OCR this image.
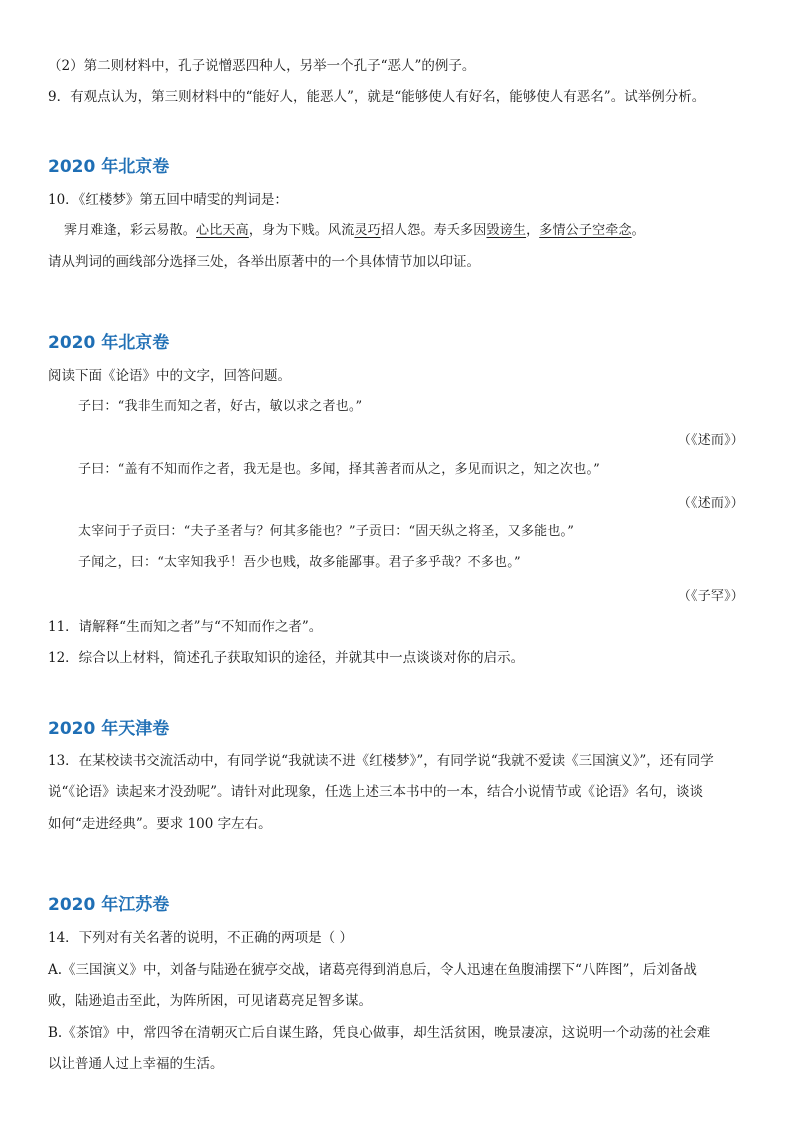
（2）第二则材料中，孔子说憎恶四种人，另举一个孔子“恶人”的例子。
9．有观点认为，第三则材料中的“能好人，能恶人”，就是“能够使人有好名，能够使人有恶名”。试举例分析。
2020 年北京卷
10．《红楼梦》第五回中晴雯的判词是：
霁月难逢，彩云易散。心比天高，身为下贱。风流灵巧招人怨。寿夭多因毁谤生，多情公子空牵念。
请从判词的画线部分选择三处，各举出原著中的一个具体情节加以印证。
2020 年北京卷
阅读下面《论语》中的文字，回答问题。
子曰：“我非生而知之者，好古，敏以求之者也。”
（《述而》）
子曰：“盖有不知而作之者，我无是也。多闻，择其善者而从之，多见而识之，知之次也。”
（《述而》）
太宰问于子贡曰：“夫子圣者与？何其多能也？”子贡曰：“固天纵之将圣，又多能也。”
子闻之，曰：“太宰知我乎！吾少也贱，故多能鄙事。君子多乎哉？不多也。”
（《子罕》）
11．请解释“生而知之者”与“不知而作之者”。
12．综合以上材料，简述孔子获取知识的途径，并就其中一点谈谈对你的启示。
2020 年天津卷
13．在某校读书交流活动中，有同学说“我就读不进《红楼梦》”，有同学说“我就不爱读《三国演义》”，还有同学
说“《论语》读起来才没劲呢”。请针对此现象，任选上述三本书中的一本，结合小说情节或《论语》名句，谈谈
如何“走进经典”。要求 100 字左右。
2020 年江苏卷
14．下列对有关名著的说明，不正确的两项是（ ）
A.《三国演义》中，刘备与陆逊在猇亭交战，诸葛亮得到消息后，令人迅速在鱼腹浦摆下“八阵图”，后刘备战
败，陆逊追击至此，为阵所困，可见诸葛亮足智多谋。
B.《茶馆》中，常四爷在清朝灭亡后自谋生路，凭良心做事，却生活贫困，晚景凄凉，这说明一个动荡的社会难
以让普通人过上幸福的生活。
